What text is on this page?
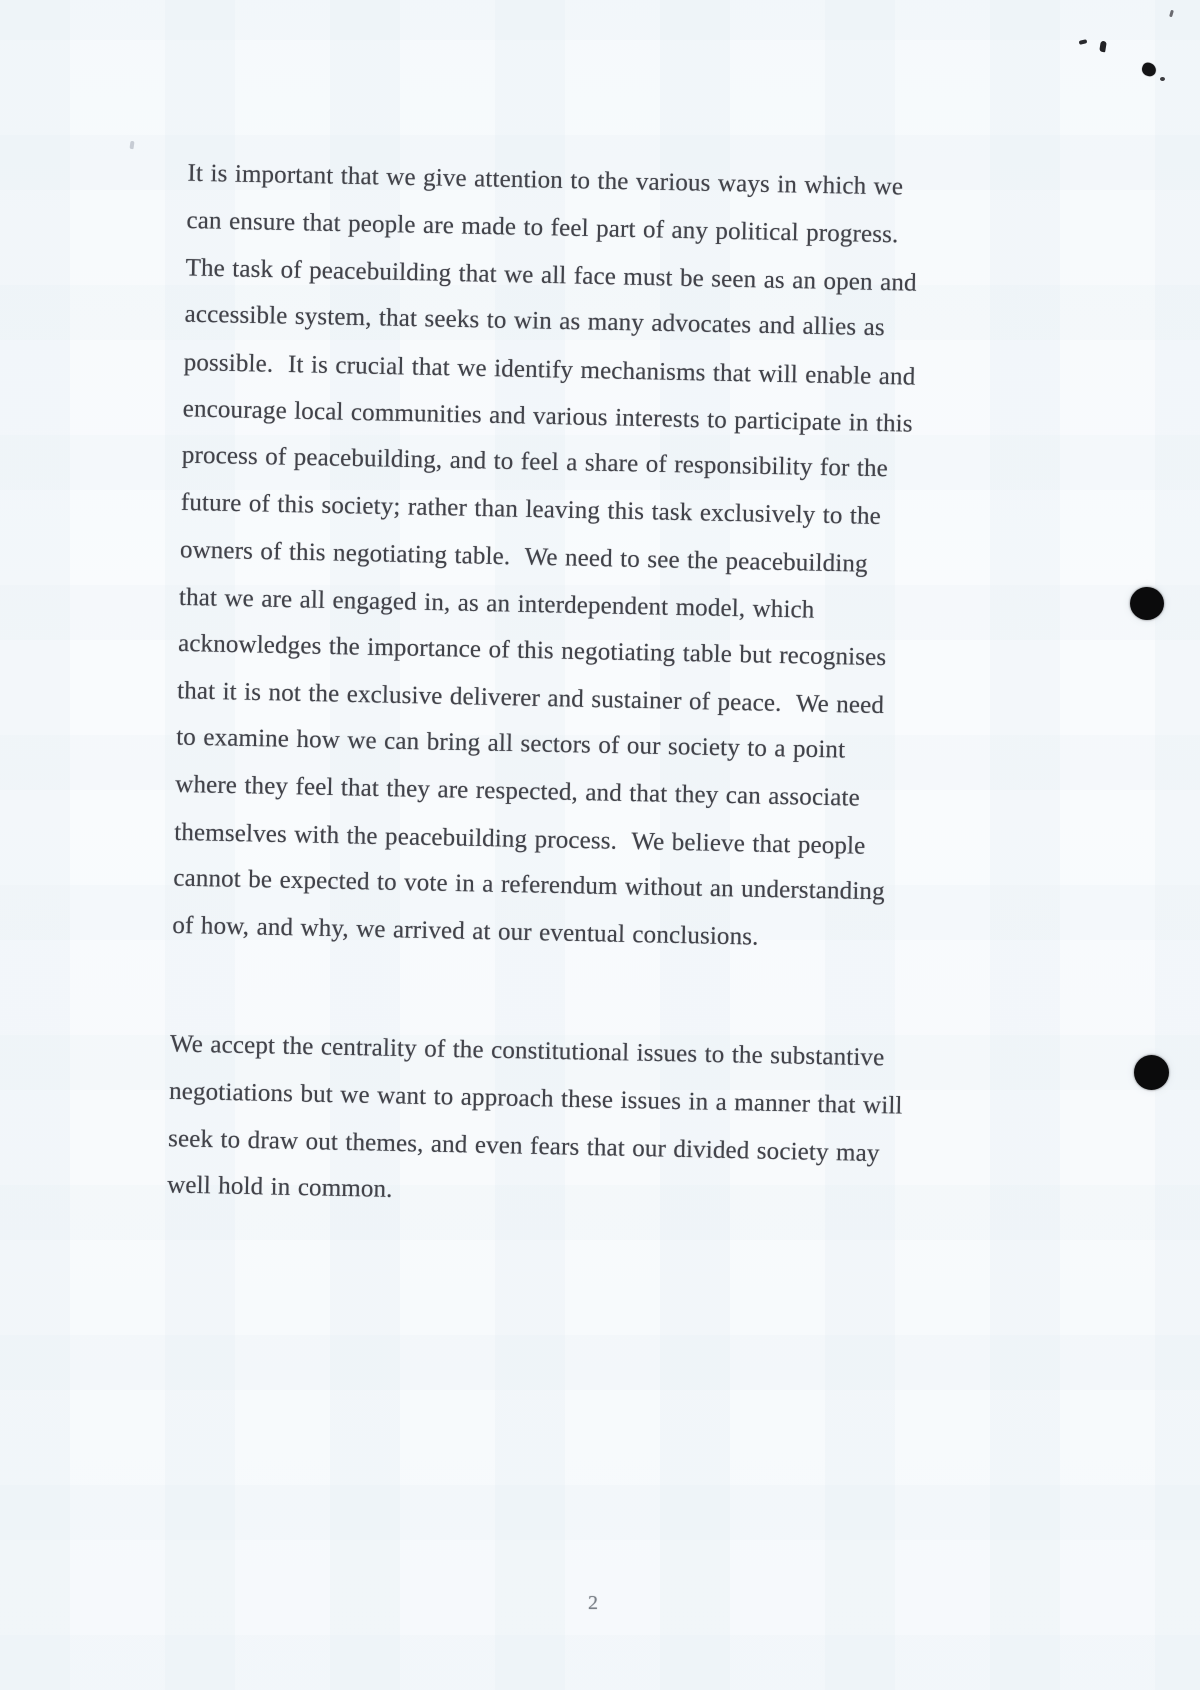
It is important that we give attention to the various ways in which we
can ensure that people are made to feel part of any political progress.
The task of peacebuilding that we all face must be seen as an open and
accessible system, that seeks to win as many advocates and allies as
possible.  It is crucial that we identify mechanisms that will enable and
encourage local communities and various interests to participate in this
process of peacebuilding, and to feel a share of responsibility for the
future of this society; rather than leaving this task exclusively to the
owners of this negotiating table.  We need to see the peacebuilding
that we are all engaged in, as an interdependent model, which
acknowledges the importance of this negotiating table but recognises
that it is not the exclusive deliverer and sustainer of peace.  We need
to examine how we can bring all sectors of our society to a point
where they feel that they are respected, and that they can associate
themselves with the peacebuilding process.  We believe that people
cannot be expected to vote in a referendum without an understanding
of how, and why, we arrived at our eventual conclusions.
We accept the centrality of the constitutional issues to the substantive
negotiations but we want to approach these issues in a manner that will
seek to draw out themes, and even fears that our divided society may
well hold in common.
2
